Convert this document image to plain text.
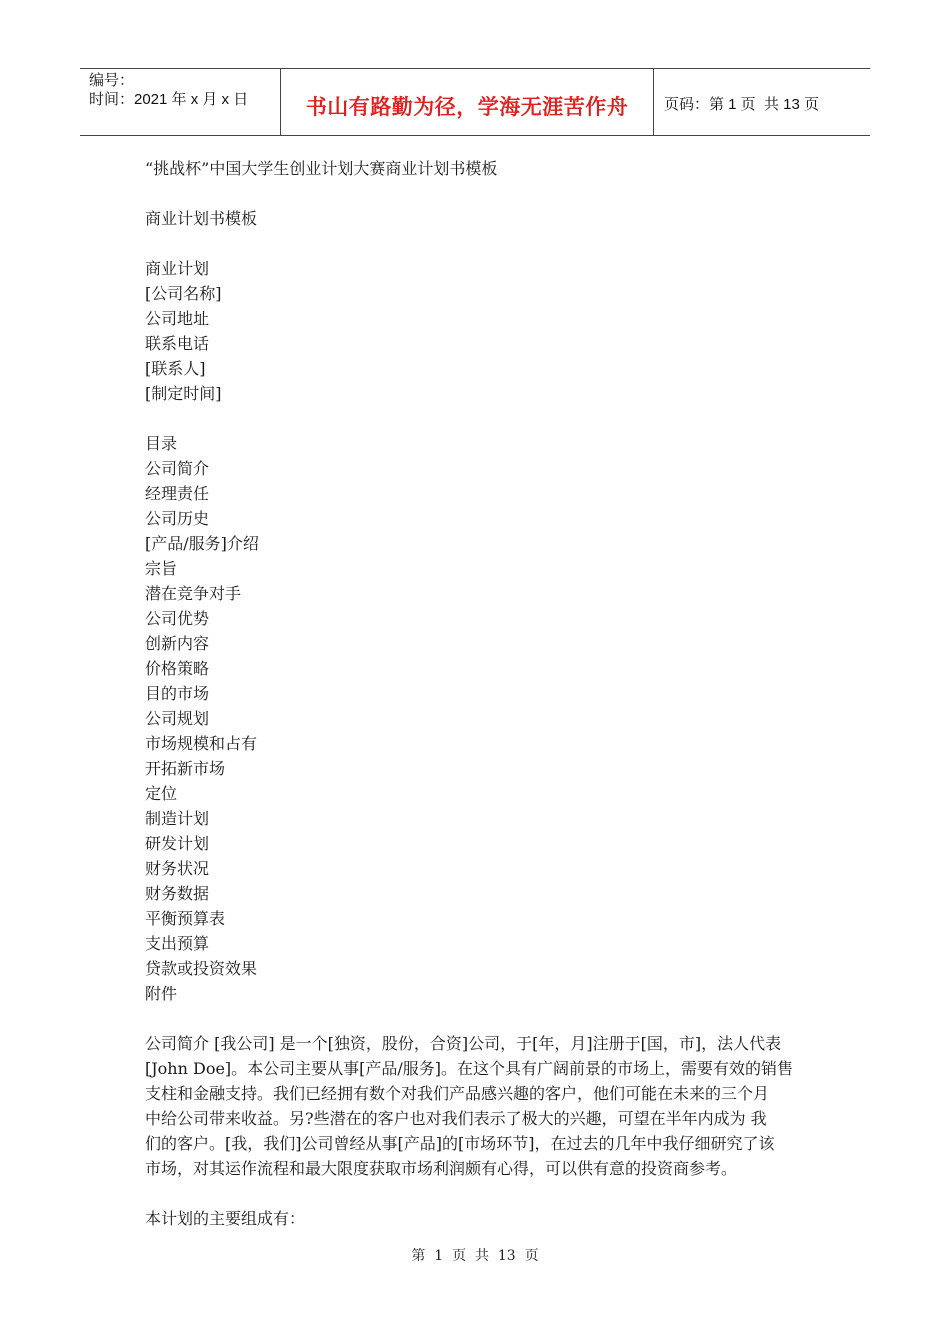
编号：
时间：2021 年 x 月 x 日	书山有路勤为径，学海无涯苦作舟	页码：第 1 页  共 13 页
“挑战杯”中国大学生创业计划大赛商业计划书模板
商业计划书模板
商业计划
[公司名称]
公司地址
联系电话
[联系人]
[制定时间]
目录
公司简介
经理责任
公司历史
[产品/服务]介绍
宗旨
潜在竞争对手
公司优势
创新内容
价格策略
目的市场
公司规划
市场规模和占有
开拓新市场
定位
制造计划
研发计划
财务状况
财务数据
平衡预算表
支出预算
贷款或投资效果
附件
公司简介 [我公司] 是一个[独资，股份，合资]公司，于[年，月]注册于[国，市]，法人代表
[John Doe]。本公司主要从事[产品/服务]。在这个具有广阔前景的市场上，需要有效的销售
支柱和金融支持。我们已经拥有数个对我们产品感兴趣的客户，他们可能在未来的三个月
中给公司带来收益。另?些潜在的客户也对我们表示了极大的兴趣，可望在半年内成为 我
们的客户。[我，我们]公司曾经从事[产品]的[市场环节]，在过去的几年中我仔细研究了该
市场，对其运作流程和最大限度获取市场利润颇有心得，可以供有意的投资商参考。
本计划的主要组成有：
第  1  页  共  13  页
